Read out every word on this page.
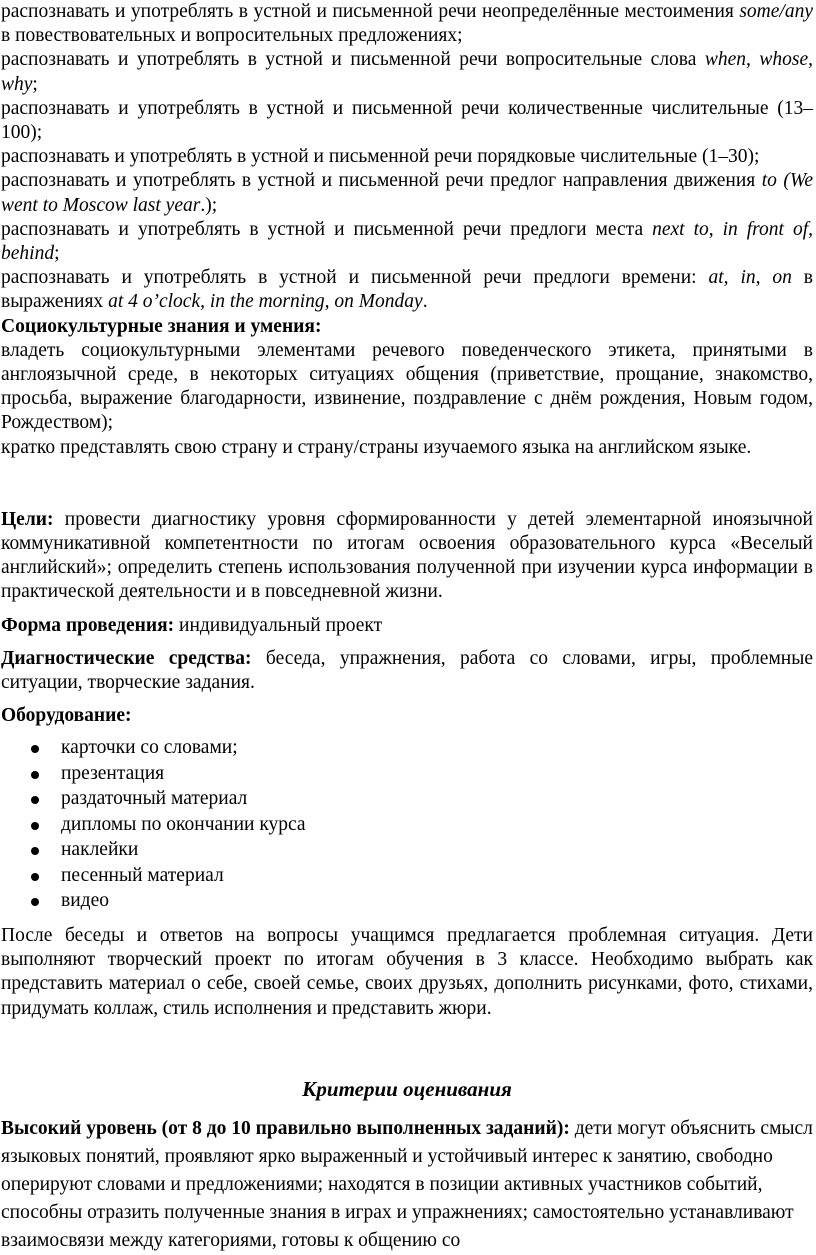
распознавать и употреблять в устной и письменной речи неопределённые местоимения some/any в повествовательных и вопросительных предложениях;

распознавать и употреблять в устной и письменной речи вопросительные слова when, whose, why;

распознавать и употреблять в устной и письменной речи количественные числительные (13–100);

распознавать и употреблять в устной и письменной речи порядковые числительные (1–30);

распознавать и употреблять в устной и письменной речи предлог направления движения to (We went to Moscow last year.);

распознавать и употреблять в устной и письменной речи предлоги места next to, in front of, behind;

распознавать и употреблять в устной и письменной речи предлоги времени: at, in, on в выражениях at 4 o’clock, in the morning, on Monday.

Социокультурные знания и умения:

владеть социокультурными элементами речевого поведенческого этикета, принятыми в англоязычной среде, в некоторых ситуациях общения (приветствие, прощание, знакомство, просьба, выражение благодарности, извинение, поздравление с днём рождения, Новым годом, Рождеством);

кратко представлять свою страну и страну/страны изучаемого языка на английском языке.

Цели: провести диагностику уровня сформированности у детей элементарной иноязычной коммуникативной компетентности по итогам освоения образовательного курса «Веселый английский»; определить степень использования полученной при изучении курса информации в практической деятельности и в повседневной жизни.

Форма проведения: индивидуальный проект

Диагностические средства: беседа, упражнения, работа со словами, игры, проблемные ситуации, творческие задания.

Оборудование:

карточки со словами;
презентация
раздаточный материал
дипломы по окончании курса
наклейки
песенный материал
видео

После беседы и ответов на вопросы учащимся предлагается проблемная ситуация. Дети выполняют творческий проект по итогам обучения в 3 классе. Необходимо выбрать как представить материал о себе, своей семье, своих друзьях, дополнить рисунками, фото, стихами, придумать коллаж, стиль исполнения и представить жюри.

Критерии оценивания

Высокий уровень (от 8 до 10 правильно выполненных заданий): дети могут объяснить смысл языковых понятий, проявляют ярко выраженный и устойчивый интерес к занятию, свободно оперируют словами и предложениями; находятся в позиции активных участников событий, способны отразить полученные знания в играх и упражнениях; самостоятельно устанавливают взаимосвязи между категориями, готовы к общению со
